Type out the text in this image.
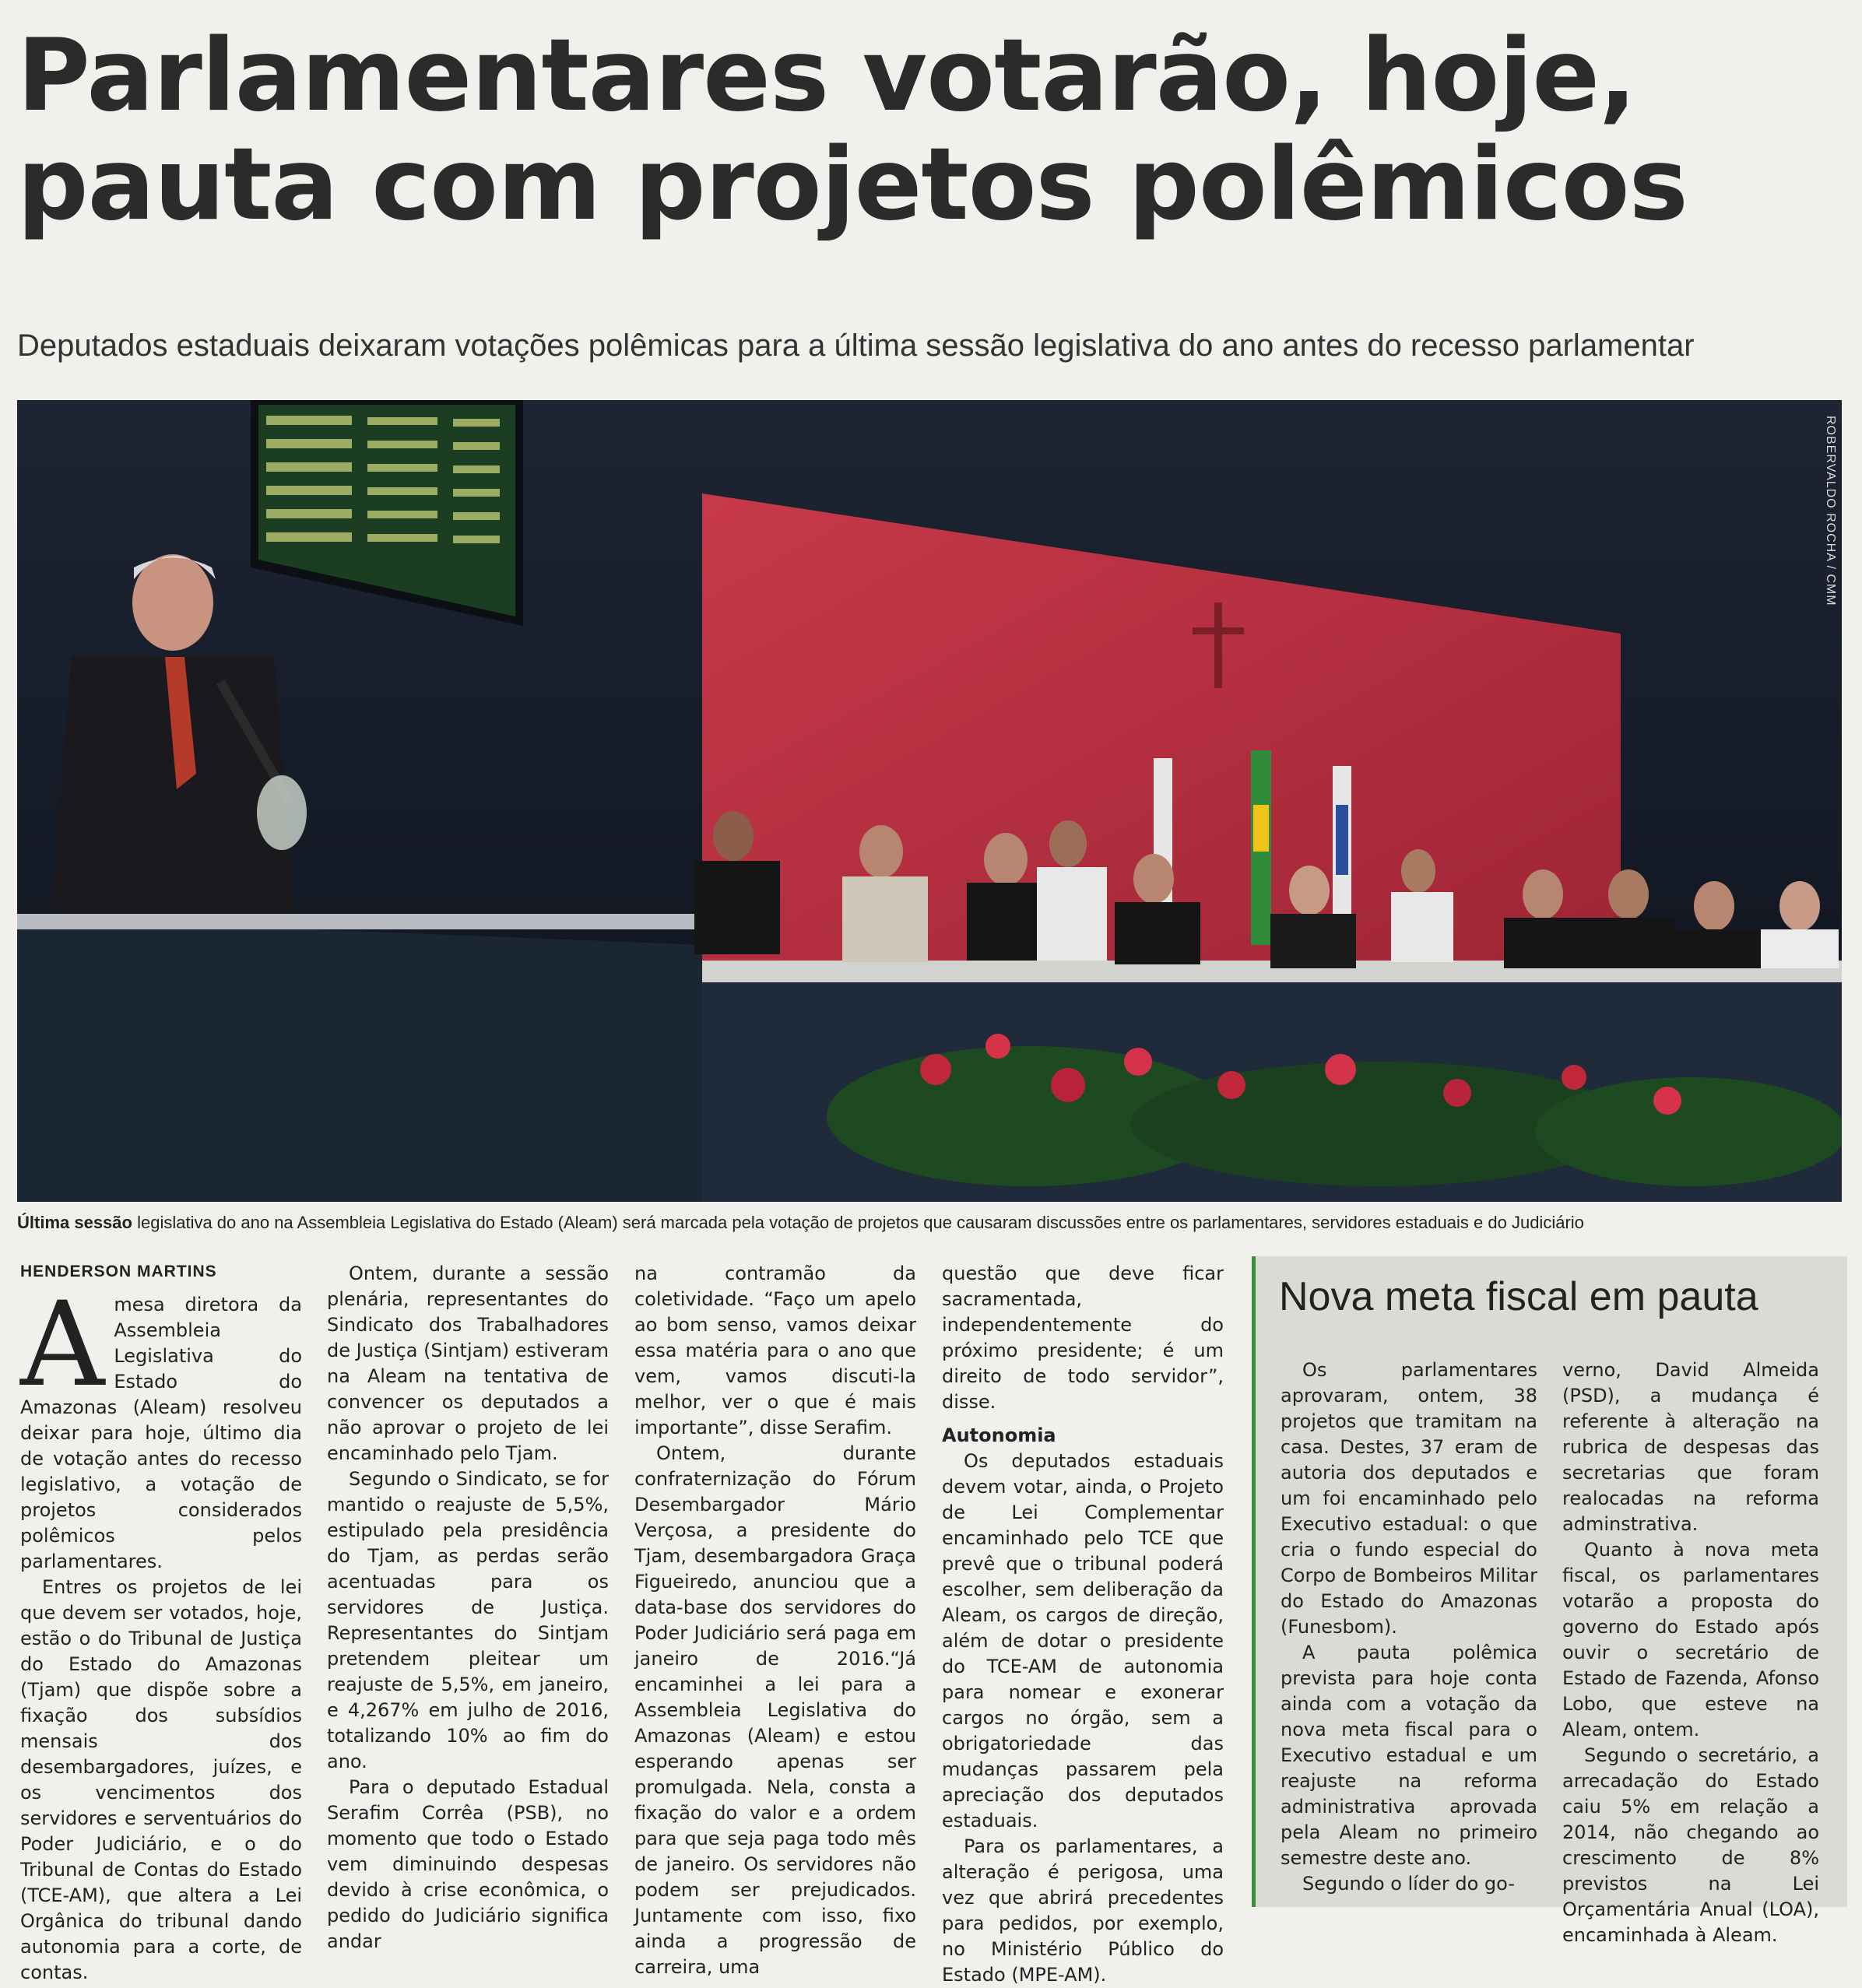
Parlamentares votarão, hoje,
pauta com projetos polêmicos
Deputados estaduais deixaram votações polêmicas para a última sessão legislativa do ano antes do recesso parlamentar
ROBERVALDO ROCHA / CMM
Última sessão legislativa do ano na Assembleia Legislativa do Estado (Aleam) será marcada pela votação de projetos que causaram discussões entre os parlamentares, servidores estaduais e do Judiciário
HENDERSON MARTINS
A mesa diretora da Assembleia Legislativa do Estado do Amazonas (Aleam) resolveu deixar para hoje, último dia de votação antes do recesso legislativo, a votação de projetos considerados polêmicos pelos parlamentares.

Entres os projetos de lei que devem ser votados, hoje, estão o do Tribunal de Justiça do Estado do Amazonas (Tjam) que dispõe sobre a fixação dos subsídios mensais dos desembargadores, juízes, e os vencimentos dos servidores e serventuários do Poder Judiciário, e o do Tribunal de Contas do Estado (TCE-AM), que altera a Lei Orgânica do tribunal dando autonomia para a corte, de contas.

Ontem, durante a sessão plenária, representantes do Sindicato dos Trabalhadores de Justiça (Sintjam) estiveram na Aleam na tentativa de convencer os deputados a não aprovar o projeto de lei encaminhado pelo Tjam.

Segundo o Sindicato, se for mantido o reajuste de 5,5%, estipulado pela presidência do Tjam, as perdas serão acentuadas para os servidores de Justiça. Representantes do Sintjam pretendem pleitear um reajuste de 5,5%, em janeiro, e 4,267% em julho de 2016, totalizando 10% ao fim do ano.

Para o deputado Estadual Serafim Corrêa (PSB), no momento que todo o Estado vem diminuindo despesas devido à crise econômica, o pedido do Judiciário significa andar

na contramão da coletividade. “Faço um apelo ao bom senso, vamos deixar essa matéria para o ano que vem, vamos discuti-la melhor, ver o que é mais importante”, disse Serafim.

Ontem, durante confraternização do Fórum Desembargador Mário Verçosa, a presidente do Tjam, desembargadora Graça Figueiredo, anunciou que a data-base dos servidores do Poder Judiciário será paga em janeiro de 2016.“Já encaminhei a lei para a Assembleia Legislativa do Amazonas (Aleam) e estou esperando apenas ser promulgada. Nela, consta a fixação do valor e a ordem para que seja paga todo mês de janeiro. Os servidores não podem ser prejudicados. Juntamente com isso, fixo ainda a progressão de carreira, uma

questão que deve ficar sacramentada, independentemente do próximo presidente; é um direito de todo servidor”, disse.

Autonomia

Os deputados estaduais devem votar, ainda, o Projeto de Lei Complementar encaminhado pelo TCE que prevê que o tribunal poderá escolher, sem deliberação da Aleam, os cargos de direção, além de dotar o presidente do TCE-AM de autonomia para nomear e exonerar cargos no órgão, sem a obrigatoriedade das mudanças passarem pela apreciação dos deputados estaduais.

Para os parlamentares, a alteração é perigosa, uma vez que abrirá precedentes para pedidos, por exemplo, no Ministério Público do Estado (MPE-AM).

Nova meta fiscal em pauta

Os parlamentares aprovaram, ontem, 38 projetos que tramitam na casa. Destes, 37 eram de autoria dos deputados e um foi encaminhado pelo Executivo estadual: o que cria o fundo especial do Corpo de Bombeiros Militar do Estado do Amazonas (Funesbom).

A pauta polêmica prevista para hoje conta ainda com a votação da nova meta fiscal para o Executivo estadual e um reajuste na reforma administrativa aprovada pela Aleam no primeiro semestre deste ano.

Segundo o líder do go-

verno, David Almeida (PSD), a mudança é referente à alteração na rubrica de despesas das secretarias que foram realocadas na reforma adminstrativa.

Quanto à nova meta fiscal, os parlamentares votarão a proposta do governo do Estado após ouvir o secretário de Estado de Fazenda, Afonso Lobo, que esteve na Aleam, ontem.

Segundo o secretário, a arrecadação do Estado caiu 5% em relação a 2014, não chegando ao crescimento de 8% previstos na Lei Orçamentária Anual (LOA), encaminhada à Aleam.
